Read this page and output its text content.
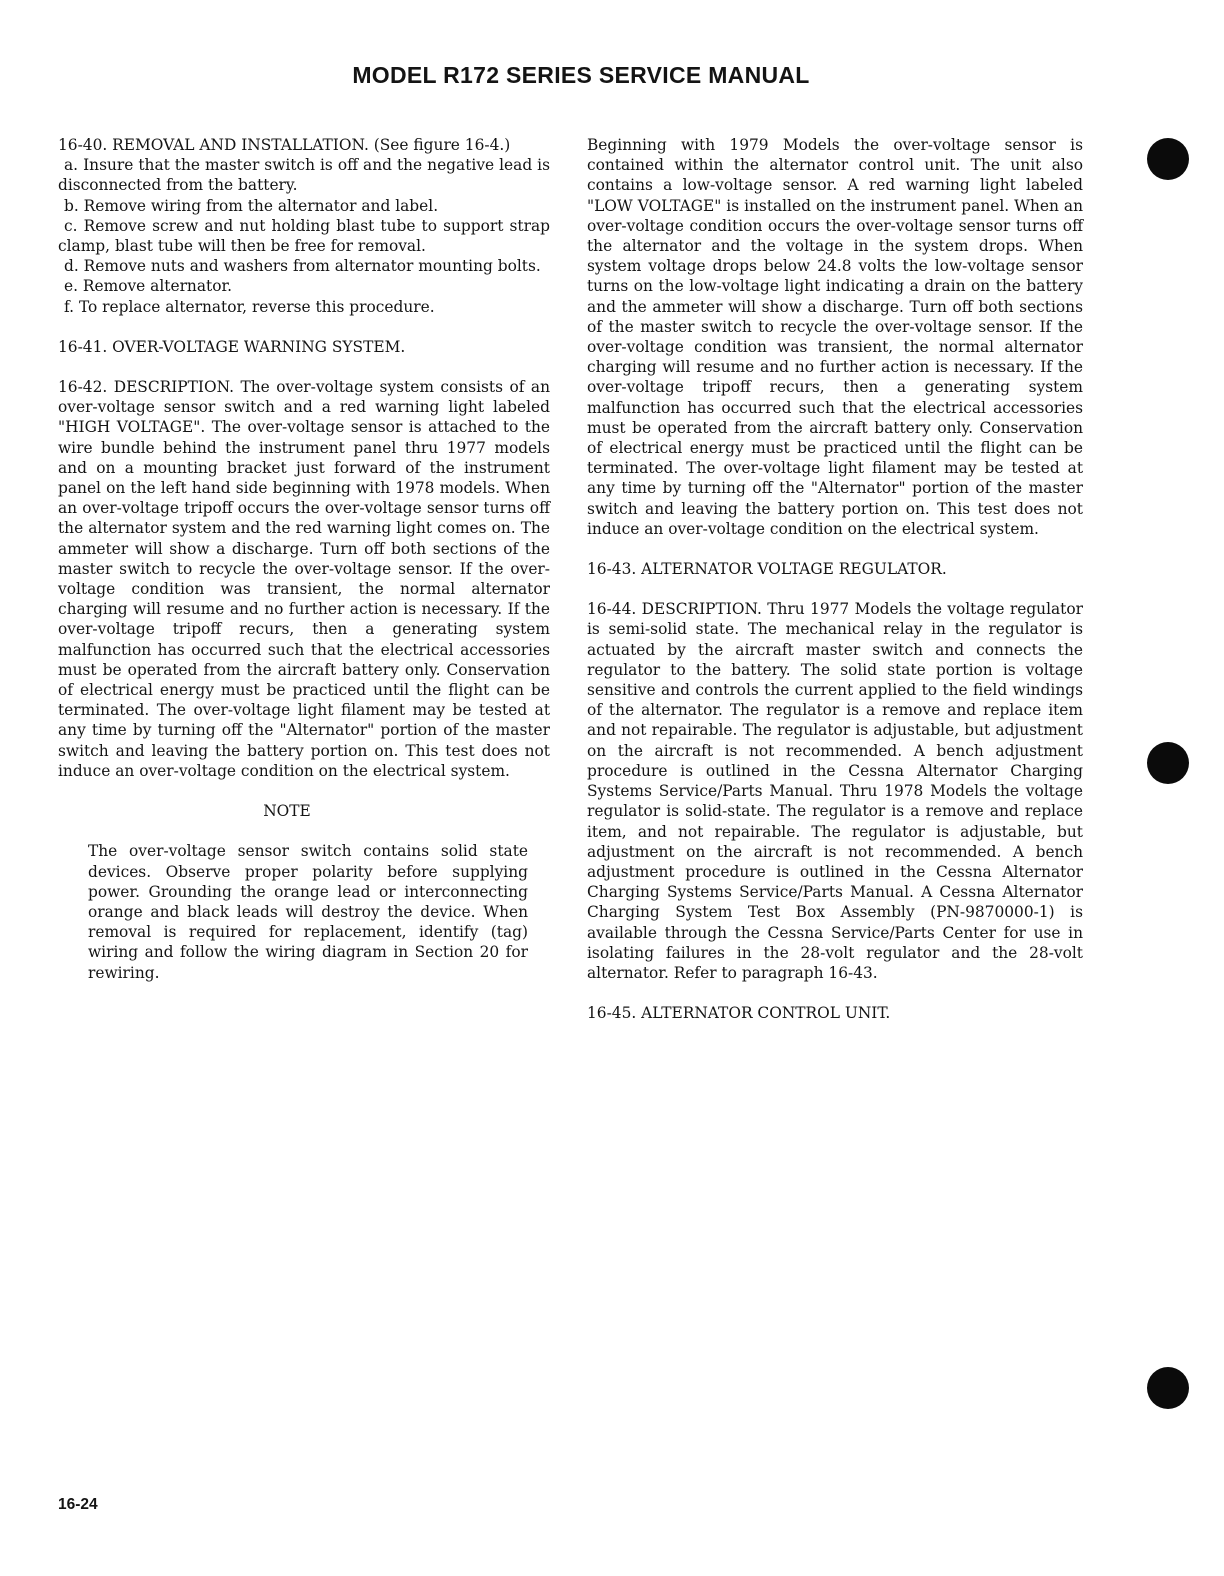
MODEL R172 SERIES SERVICE MANUAL

16-40. REMOVAL AND INSTALLATION. (See figure 16-4.)

a. Insure that the master switch is off and the negative lead is disconnected from the battery.

b. Remove wiring from the alternator and label.

c. Remove screw and nut holding blast tube to support strap clamp, blast tube will then be free for removal.

d. Remove nuts and washers from alternator mounting bolts.

e. Remove alternator.

f. To replace alternator, reverse this procedure.

16-41. OVER-VOLTAGE WARNING SYSTEM.

16-42. DESCRIPTION. The over-voltage system consists of an over-voltage sensor switch and a red warning light labeled "HIGH VOLTAGE". The over-voltage sensor is attached to the wire bundle behind the instrument panel thru 1977 models and on a mounting bracket just forward of the instrument panel on the left hand side beginning with 1978 models. When an over-voltage tripoff occurs the over-voltage sensor turns off the alternator system and the red warning light comes on. The ammeter will show a discharge. Turn off both sections of the master switch to recycle the over-voltage sensor. If the over-voltage condition was transient, the normal alternator charging will resume and no further action is necessary. If the over-voltage tripoff recurs, then a generating system malfunction has occurred such that the electrical accessories must be operated from the aircraft battery only. Conservation of electrical energy must be practiced until the flight can be terminated. The over-voltage light filament may be tested at any time by turning off the "Alternator" portion of the master switch and leaving the battery portion on. This test does not induce an over-voltage condition on the electrical system.

NOTE

The over-voltage sensor switch contains solid state devices. Observe proper polarity before supplying power. Grounding the orange lead or interconnecting orange and black leads will destroy the device. When removal is required for replacement, identify (tag) wiring and follow the wiring diagram in Section 20 for rewiring.

Beginning with 1979 Models the over-voltage sensor is contained within the alternator control unit. The unit also contains a low-voltage sensor. A red warning light labeled "LOW VOLTAGE" is installed on the instrument panel. When an over-voltage condition occurs the over-voltage sensor turns off the alternator and the voltage in the system drops. When system voltage drops below 24.8 volts the low-voltage sensor turns on the low-voltage light indicating a drain on the battery and the ammeter will show a discharge. Turn off both sections of the master switch to recycle the over-voltage sensor. If the over-voltage condition was transient, the normal alternator charging will resume and no further action is necessary. If the over-voltage tripoff recurs, then a generating system malfunction has occurred such that the electrical accessories must be operated from the aircraft battery only. Conservation of electrical energy must be practiced until the flight can be terminated. The over-voltage light filament may be tested at any time by turning off the "Alternator" portion of the master switch and leaving the battery portion on. This test does not induce an over-voltage condition on the electrical system.

16-43. ALTERNATOR VOLTAGE REGULATOR.

16-44. DESCRIPTION. Thru 1977 Models the voltage regulator is semi-solid state. The mechanical relay in the regulator is actuated by the aircraft master switch and connects the regulator to the battery. The solid state portion is voltage sensitive and controls the current applied to the field windings of the alternator. The regulator is a remove and replace item and not repairable. The regulator is adjustable, but adjustment on the aircraft is not recommended. A bench adjustment procedure is outlined in the Cessna Alternator Charging Systems Service/Parts Manual. Thru 1978 Models the voltage regulator is solid-state. The regulator is a remove and replace item, and not repairable. The regulator is adjustable, but adjustment on the aircraft is not recommended. A bench adjustment procedure is outlined in the Cessna Alternator Charging Systems Service/Parts Manual. A Cessna Alternator Charging System Test Box Assembly (PN-9870000-1) is available through the Cessna Service/Parts Center for use in isolating failures in the 28-volt regulator and the 28-volt alternator. Refer to paragraph 16-43.

16-45. ALTERNATOR CONTROL UNIT.

16-24
